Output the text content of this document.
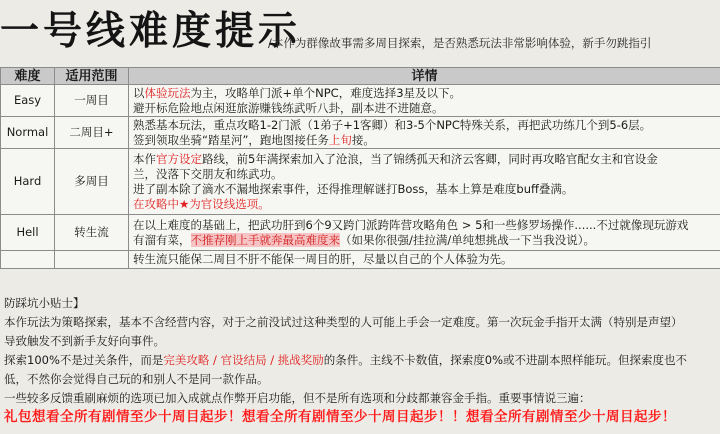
一号线难度提示
/本作为群像故事需多周目探索，是否熟悉玩法非常影响体验，新手勿跳指引
难度	适用范围	详情
Easy	一周目	以体验玩法为主，攻略单门派+单个NPC，难度选择3星及以下。
避开标危险地点闲逛旅游赚钱练武听八卦，副本进不进随意。

Normal	二周目+	熟悉基本玩法，重点攻略1-2门派（1弟子+1客卿）和3-5个NPC特殊关系，再把武功练几个到5-6层。
签到领取坐骑“踏星河”，跑地图接任务上旬接。

Hard	多周目	本作官方设定路线，前5年满探索加入了沧浪，当了锦绣孤天和济云客卿，同时再攻略官配女主和官设金
兰，没落下交朋友和练武功。
进了副本除了滴水不漏地探索事件，还得推理解谜打Boss，基本上算是难度buff叠满。
在攻略中★为官设线选项。

Hell	转生流	在以上难度的基础上，把武功肝到6个9又跨门派跨阵营攻略角色 > 5和一些修罗场操作......不过就像现玩游戏
有溜有菜，不推荐刚上手就奔最高难度来（如果你很强/挂拉满/单纯想挑战一下当我没说）。

		转生流只能保二周目不肝不能保一周目的肝，尽量以自己的个人体验为先。
防踩坑小贴士】
本作玩法为策略探索，基本不含经营内容，对于之前没试过这种类型的人可能上手会一定难度。第一次玩金手指开太满（特别是声望）
导致触发不到新手友好向事件。
探索100%不是过关条件，而是完美攻略 / 官设结局 / 挑战奖励的条件。主线不卡数值，探索度0%或不进副本照样能玩。但探索度也不
低，不然你会觉得自己玩的和别人不是同一款作品。
一些较多反馈重刷麻烦的选项已加入成就点作弊开启功能，但不是所有选项和分歧都兼容金手指。重要事情说三遍：
礼包想看全所有剧情至少十周目起步！想看全所有剧情至少十周目起步！！想看全所有剧情至少十周目起步！
